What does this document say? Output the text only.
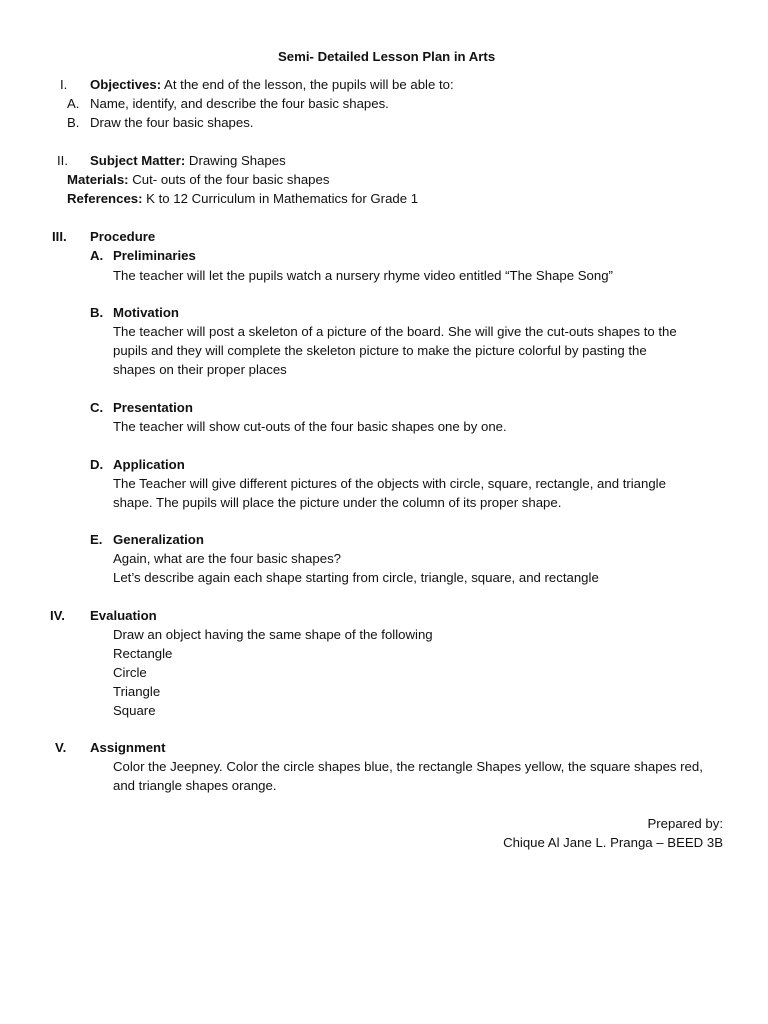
Semi- Detailed Lesson Plan in Arts
I. Objectives: At the end of the lesson, the pupils will be able to:
A. Name, identify, and describe the four basic shapes.
B. Draw the four basic shapes.
II. Subject Matter: Drawing Shapes
Materials: Cut- outs of the four basic shapes
References: K to 12 Curriculum in Mathematics for Grade 1
III. Procedure
A. Preliminaries
The teacher will let the pupils watch a nursery rhyme video entitled “The Shape Song”
B. Motivation
The teacher will post a skeleton of a picture of the board. She will give the cut-outs shapes to the
pupils and they will complete the skeleton picture to make the picture colorful by pasting the
shapes on their proper places
C. Presentation
The teacher will show cut-outs of the four basic shapes one by one.
D. Application
The Teacher will give different pictures of the objects with circle, square, rectangle, and triangle
shape. The pupils will place the picture under the column of its proper shape.
E. Generalization
Again, what are the four basic shapes?
Let’s describe again each shape starting from circle, triangle, square, and rectangle
IV. Evaluation
Draw an object having the same shape of the following
Rectangle
Circle
Triangle
Square
V. Assignment
Color the Jeepney. Color the circle shapes blue, the rectangle Shapes yellow, the square shapes red,
and triangle shapes orange.
Prepared by:
Chique Al Jane L. Pranga – BEED 3B
